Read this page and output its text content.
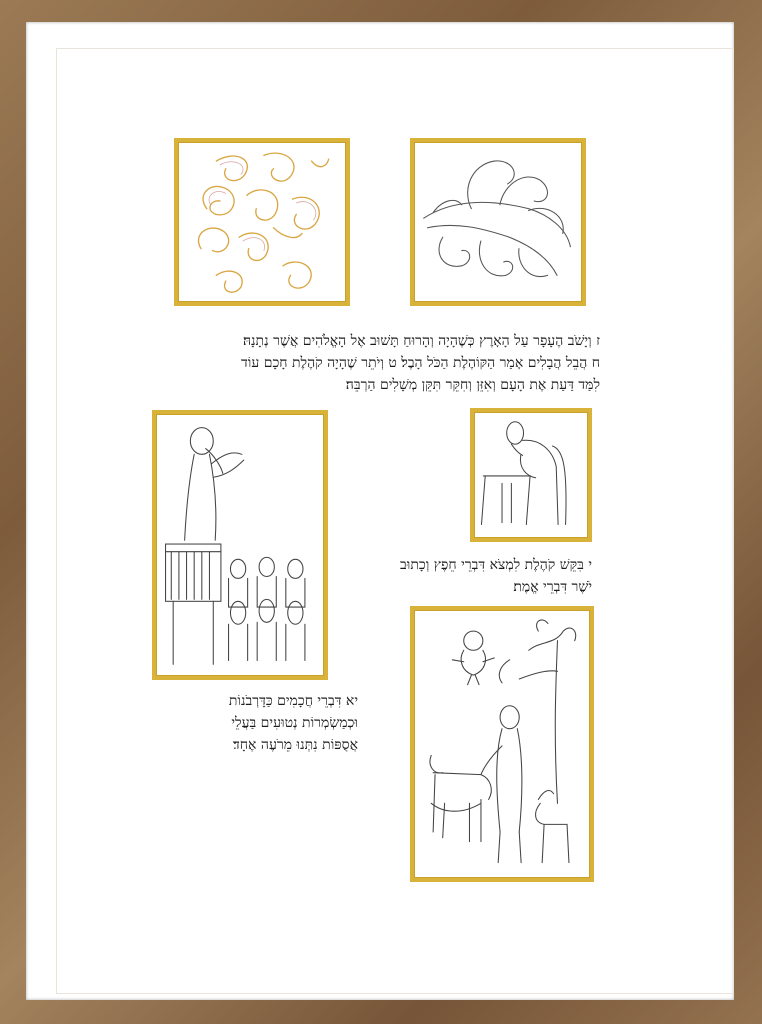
ז וְיָשֹׁב הֶעָפָר עַל הָאָרֶץ כְּשֶׁהָיָה וְהָרוּחַ תָּשׁוּב אֶל הָאֱלֹהִים אֲשֶׁר נְתָנָהּ׃
ח הֲבֵל הֲבָלִים אָמַר הַקּוֹהֶלֶת הַכֹּל הָבֶל׃ ט וְיֹתֵר שֶׁהָיָה קֹהֶלֶת חָכָם עוֹד
לִמַּד דַּעַת אֶת הָעָם וְאִזֵּן וְחִקֵּר תִּקֵּן מְשָׁלִים הַרְבֵּה׃
י בִּקֵּשׁ קֹהֶלֶת לִמְצֹא דִּבְרֵי חֵפֶץ וְכָתוּב
יֹשֶׁר דִּבְרֵי אֱמֶת׃
יא דִּבְרֵי חֲכָמִים כַּדָּרְבֹנוֹת
וּכְמַשְׂמְרוֹת נְטוּעִים בַּעֲלֵי
אֲסֻפּוֹת נִתְּנוּ מֵרֹעֶה אֶחָד׃
